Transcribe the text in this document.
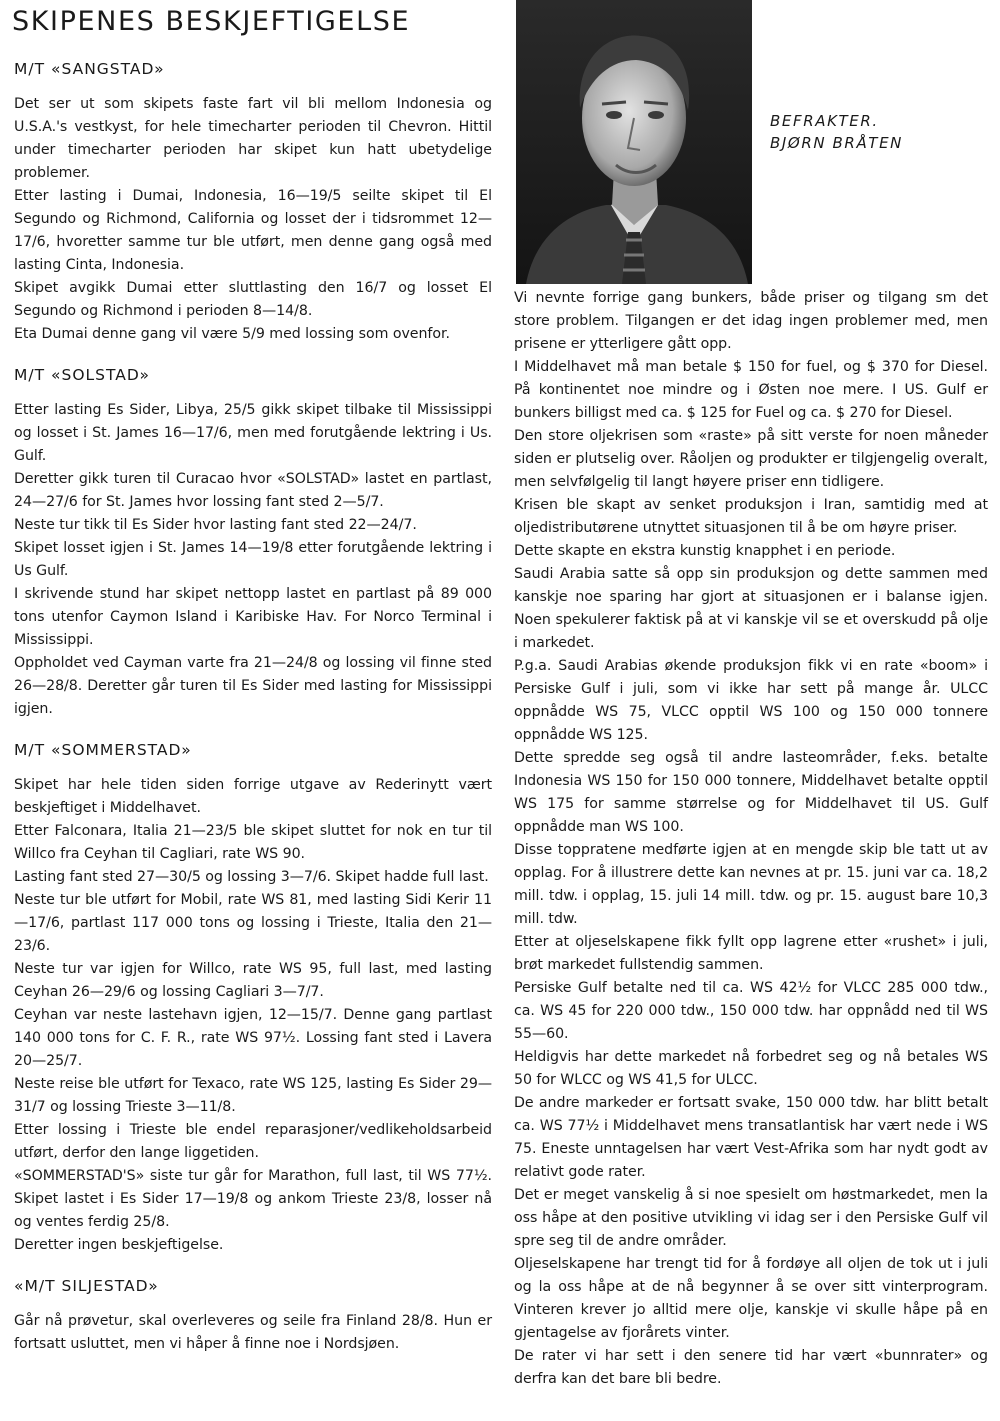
SKIPENES BESKJEFTIGELSE
M/T «SANGSTAD»

Det ser ut som skipets faste fart vil bli mellom Indonesia og U.S.A.'s vestkyst, for hele timecharter perioden til Chevron. Hittil under timecharter perioden har skipet kun hatt ubetydelige problemer.

Etter lasting i Dumai, Indonesia, 16—19/5 seilte skipet til El Segundo og Richmond, California og losset der i tidsrommet 12—17/6, hvoretter samme tur ble utført, men denne gang også med lasting Cinta, Indonesia.

Skipet avgikk Dumai etter sluttlasting den 16/7 og losset El Segundo og Richmond i perioden 8—14/8.

Eta Dumai denne gang vil være 5/9 med lossing som ovenfor.

M/T «SOLSTAD»

Etter lasting Es Sider, Libya, 25/5 gikk skipet tilbake til Mississippi og losset i St. James 16—17/6, men med forutgående lektring i Us. Gulf.

Deretter gikk turen til Curacao hvor «SOLSTAD» lastet en partlast, 24—27/6 for St. James hvor lossing fant sted 2—5/7.

Neste tur tikk til Es Sider hvor lasting fant sted 22—24/7.

Skipet losset igjen i St. James 14—19/8 etter forutgående lektring i Us Gulf.

I skrivende stund har skipet nettopp lastet en partlast på 89 000 tons utenfor Caymon Island i Karibiske Hav. For Norco Terminal i Mississippi.

Oppholdet ved Cayman varte fra 21—24/8 og lossing vil finne sted 26—28/8. Deretter går turen til Es Sider med lasting for Mississippi igjen.

M/T «SOMMERSTAD»

Skipet har hele tiden siden forrige utgave av Rederinytt vært beskjeftiget i Middelhavet.

Etter Falconara, Italia 21—23/5 ble skipet sluttet for nok en tur til Willco fra Ceyhan til Cagliari, rate WS 90.

Lasting fant sted 27—30/5 og lossing 3—7/6. Skipet hadde full last.

Neste tur ble utført for Mobil, rate WS 81, med lasting Sidi Kerir 11—17/6, partlast 117 000 tons og lossing i Trieste, Italia den 21—23/6.

Neste tur var igjen for Willco, rate WS 95, full last, med lasting Ceyhan 26—29/6 og lossing Cagliari 3—7/7.

Ceyhan var neste lastehavn igjen, 12—15/7. Denne gang partlast 140 000 tons for C. F. R., rate WS 97½. Lossing fant sted i Lavera 20—25/7.

Neste reise ble utført for Texaco, rate WS 125, lasting Es Sider 29—31/7 og lossing Trieste 3—11/8.

Etter lossing i Trieste ble endel reparasjoner/vedlikeholdsarbeid utført, derfor den lange liggetiden.

«SOMMERSTAD'S» siste tur går for Marathon, full last, til WS 77½. Skipet lastet i Es Sider 17—19/8 og ankom Trieste 23/8, losser nå og ventes ferdig 25/8.

Deretter ingen beskjeftigelse.

«M/T SILJESTAD»

Går nå prøvetur, skal overleveres og seile fra Finland 28/8. Hun er fortsatt usluttet, men vi håper å finne noe i Nordsjøen.

BEFRAKTER.
BJØRN BRÅTEN

Vi nevnte forrige gang bunkers, både priser og tilgang sm det store problem. Tilgangen er det idag ingen problemer med, men prisene er ytterligere gått opp.

I Middelhavet må man betale $ 150 for fuel, og $ 370 for Diesel. På kontinentet noe mindre og i Østen noe mere. I US. Gulf er bunkers billigst med ca. $ 125 for Fuel og ca. $ 270 for Diesel.

Den store oljekrisen som «raste» på sitt verste for noen måneder siden er plutselig over. Råoljen og produkter er tilgjengelig overalt, men selvfølgelig til langt høyere priser enn tidligere.

Krisen ble skapt av senket produksjon i Iran, samtidig med at oljedistributørene utnyttet situasjonen til å be om høyre priser.

Dette skapte en ekstra kunstig knapphet i en periode.

Saudi Arabia satte så opp sin produksjon og dette sammen med kanskje noe sparing har gjort at situasjonen er i balanse igjen. Noen spekulerer faktisk på at vi kanskje vil se et overskudd på olje i markedet.

P.g.a. Saudi Arabias økende produksjon fikk vi en rate «boom» i Persiske Gulf i juli, som vi ikke har sett på mange år. ULCC oppnådde WS 75, VLCC opptil WS 100 og 150 000 tonnere oppnådde WS 125.

Dette spredde seg også til andre lasteområder, f.eks. betalte Indonesia WS 150 for 150 000 tonnere, Middelhavet betalte opptil WS 175 for samme størrelse og for Middelhavet til US. Gulf oppnådde man WS 100.

Disse toppratene medførte igjen at en mengde skip ble tatt ut av opplag. For å illustrere dette kan nevnes at pr. 15. juni var ca. 18,2 mill. tdw. i opplag, 15. juli 14 mill. tdw. og pr. 15. august bare 10,3 mill. tdw.

Etter at oljeselskapene fikk fyllt opp lagrene etter «rushet» i juli, brøt markedet fullstendig sammen.

Persiske Gulf betalte ned til ca. WS 42½ for VLCC 285 000 tdw., ca. WS 45 for 220 000 tdw., 150 000 tdw. har oppnådd ned til WS 55—60.

Heldigvis har dette markedet nå forbedret seg og nå betales WS 50 for WLCC og WS 41,5 for ULCC.

De andre markeder er fortsatt svake, 150 000 tdw. har blitt betalt ca. WS 77½ i Middelhavet mens transatlantisk har vært nede i WS 75. Eneste unntagelsen har vært Vest-Afrika som har nydt godt av relativt gode rater.

Det er meget vanskelig å si noe spesielt om høstmarkedet, men la oss håpe at den positive utvikling vi idag ser i den Persiske Gulf vil spre seg til de andre områder.

Oljeselskapene har trengt tid for å fordøye all oljen de tok ut i juli og la oss håpe at de nå begynner å se over sitt vinterprogram. Vinteren krever jo alltid mere olje, kanskje vi skulle håpe på en gjentagelse av fjorårets vinter.

De rater vi har sett i den senere tid har vært «bunnrater» og derfra kan det bare bli bedre.
